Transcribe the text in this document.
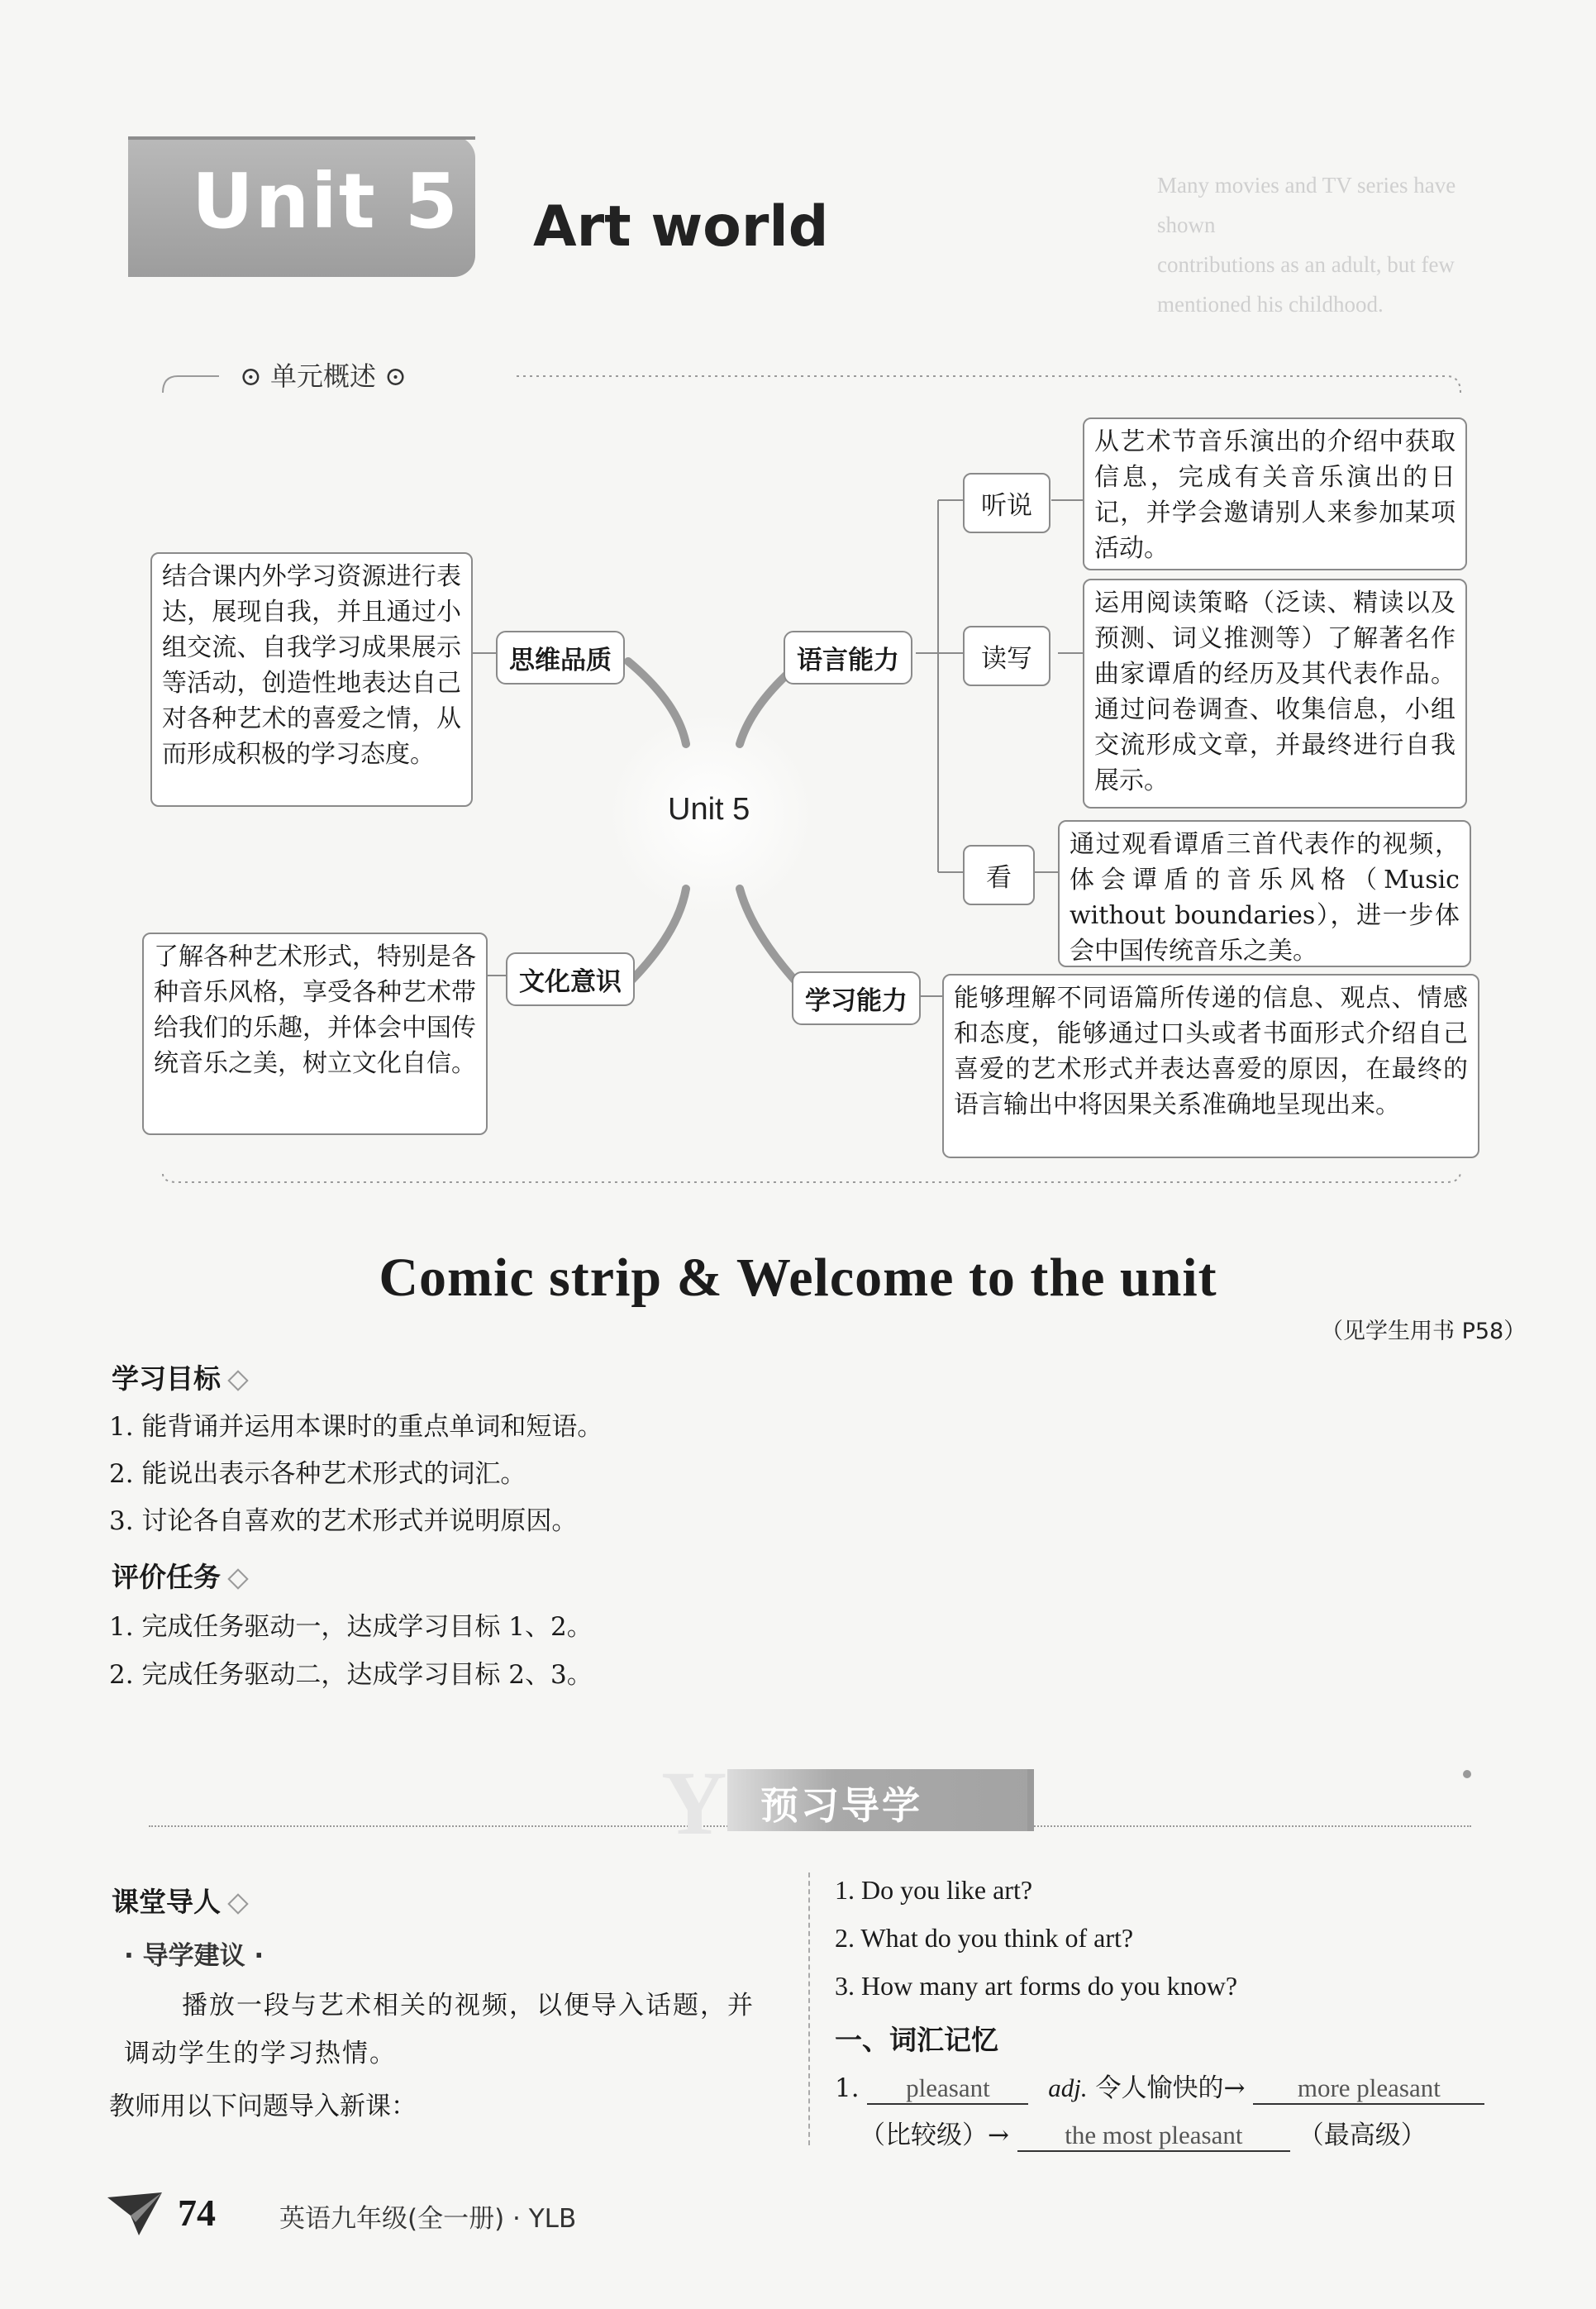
Many movies and TV series have shown
contributions as an adult, but few
mentioned his childhood.
Unit 5 Art world
⊙ 单元概述 ⊙
Unit 5
结合课内外学习资源进行表达，展现自我，并且通过小组交流、自我学习成果展示等活动，创造性地表达自己对各种艺术的喜爱之情，从而形成积极的学习态度。
思维品质
了解各种艺术形式，特别是各种音乐风格，享受各种艺术带给我们的乐趣，并体会中国传统音乐之美，树立文化自信。
文化意识
语言能力
听说
从艺术节音乐演出的介绍中获取信息，完成有关音乐演出的日记，并学会邀请别人来参加某项活动。
读写
运用阅读策略（泛读、精读以及预测、词义推测等）了解著名作曲家谭盾的经历及其代表作品。通过问卷调查、收集信息，小组交流形成文章，并最终进行自我展示。
看
通过观看谭盾三首代表作的视频，体会谭盾的音乐风格（Music without boundaries），进一步体会中国传统音乐之美。
学习能力	能够理解不同语篇所传递的信息、观点、情感和态度，能够通过口头或者书面形式介绍自己喜爱的艺术形式并表达喜爱的原因，在最终的语言输出中将因果关系准确地呈现出来。
Comic strip & Welcome to the unit
（见学生用书 P58）
学习目标
1. 能背诵并运用本课时的重点单词和短语。
2. 能说出表示各种艺术形式的词汇。
3. 讨论各自喜欢的艺术形式并说明原因。
评价任务
1. 完成任务驱动一，达成学习目标 1、2。
2. 完成任务驱动二，达成学习目标 2、3。
Y 预习导学
课堂导人
· 导学建议 ·
播放一段与艺术相关的视频，以便导入话题，并
调动学生的学习热情。
教师用以下问题导入新课：
1. Do you like art?
2. What do you think of art?
3. How many art forms do you know?
一、词汇记忆
1. pleasant adj. 令人愉快的→ more pleasant
（比较级）→ the most pleasant （最高级）
74 英语九年级(全一册) · YLB
